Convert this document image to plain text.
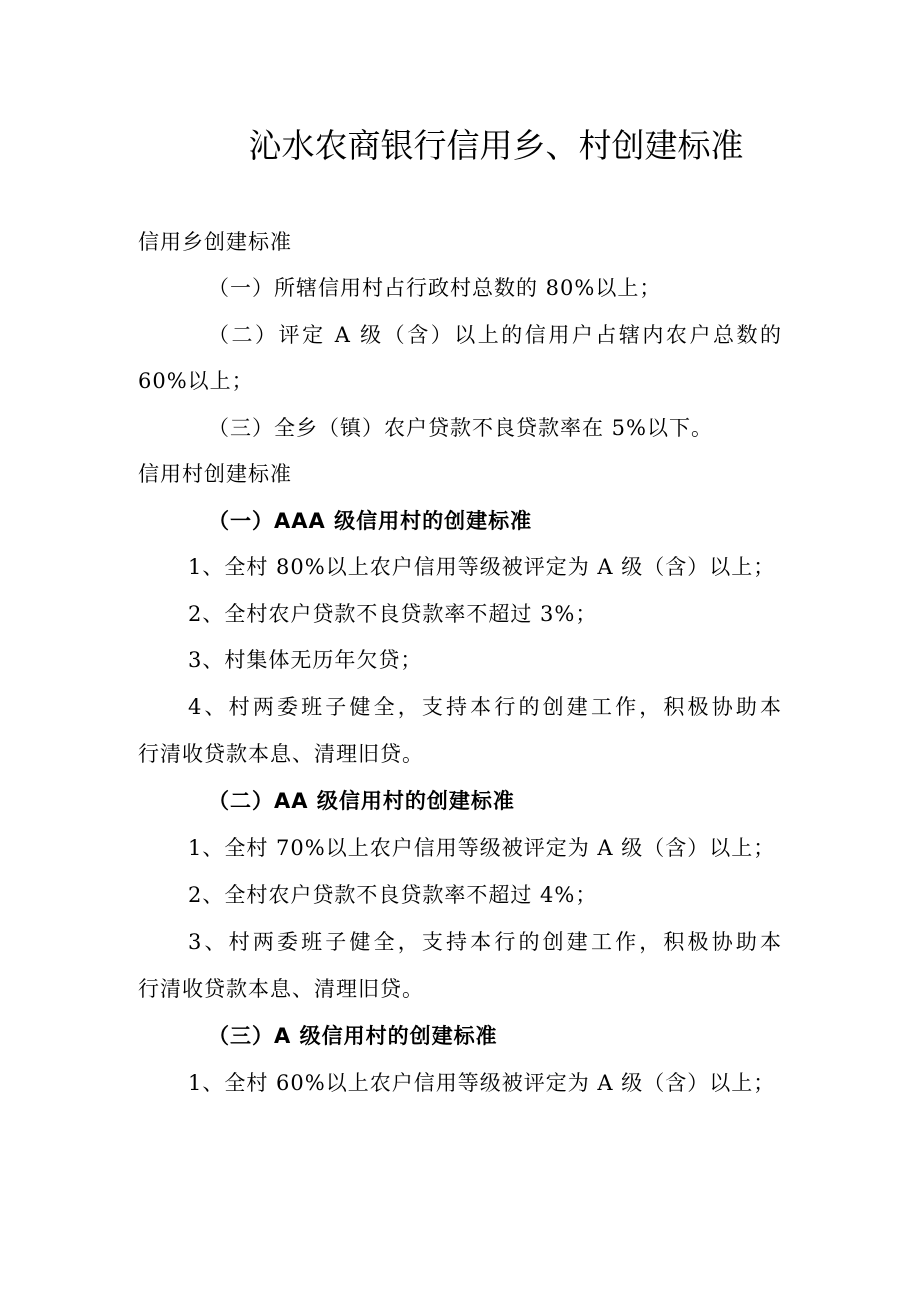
沁水农商银行信用乡、村创建标准
信用乡创建标准
（一）所辖信用村占行政村总数的 80%以上；
（二）评定 A 级（含）以上的信用户占辖内农户总数的
60%以上；
（三）全乡（镇）农户贷款不良贷款率在 5%以下。
信用村创建标准
（一）AAA 级信用村的创建标准
1、全村 80%以上农户信用等级被评定为 A 级（含）以上；
2、全村农户贷款不良贷款率不超过 3%；
3、村集体无历年欠贷；
4、村两委班子健全，支持本行的创建工作，积极协助本
行清收贷款本息、清理旧贷。
（二）AA 级信用村的创建标准
1、全村 70%以上农户信用等级被评定为 A 级（含）以上；
2、全村农户贷款不良贷款率不超过 4%；
3、村两委班子健全，支持本行的创建工作，积极协助本
行清收贷款本息、清理旧贷。
（三）A 级信用村的创建标准
1、全村 60%以上农户信用等级被评定为 A 级（含）以上；
